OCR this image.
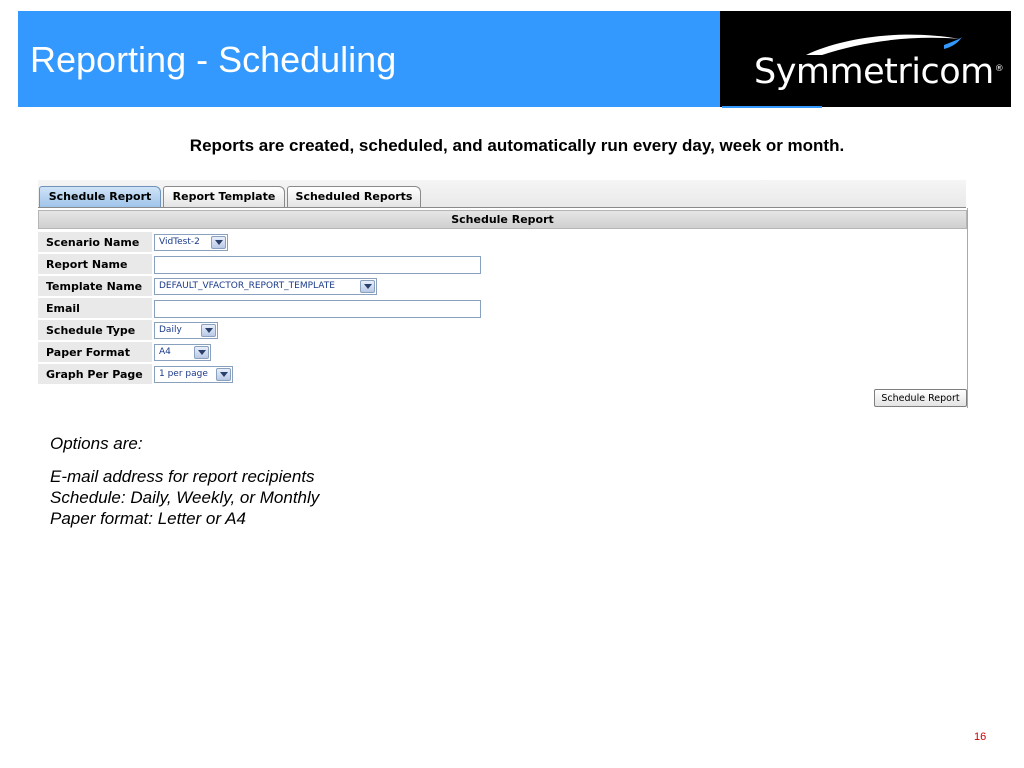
Reporting - Scheduling	Symmetricom®
Reports are created, scheduled, and automatically run every day, week or month.
Schedule Report	Report Template	Scheduled Reports
Schedule Report
Scenario Name	VidTest-2
Report Name
Template Name	DEFAULT_VFACTOR_REPORT_TEMPLATE
Email
Schedule Type	Daily
Paper Format	A4
Graph Per Page	1 per page
Schedule Report
Options are:
E-mail address for report recipients
Schedule: Daily, Weekly, or Monthly
Paper format: Letter or A4
16
